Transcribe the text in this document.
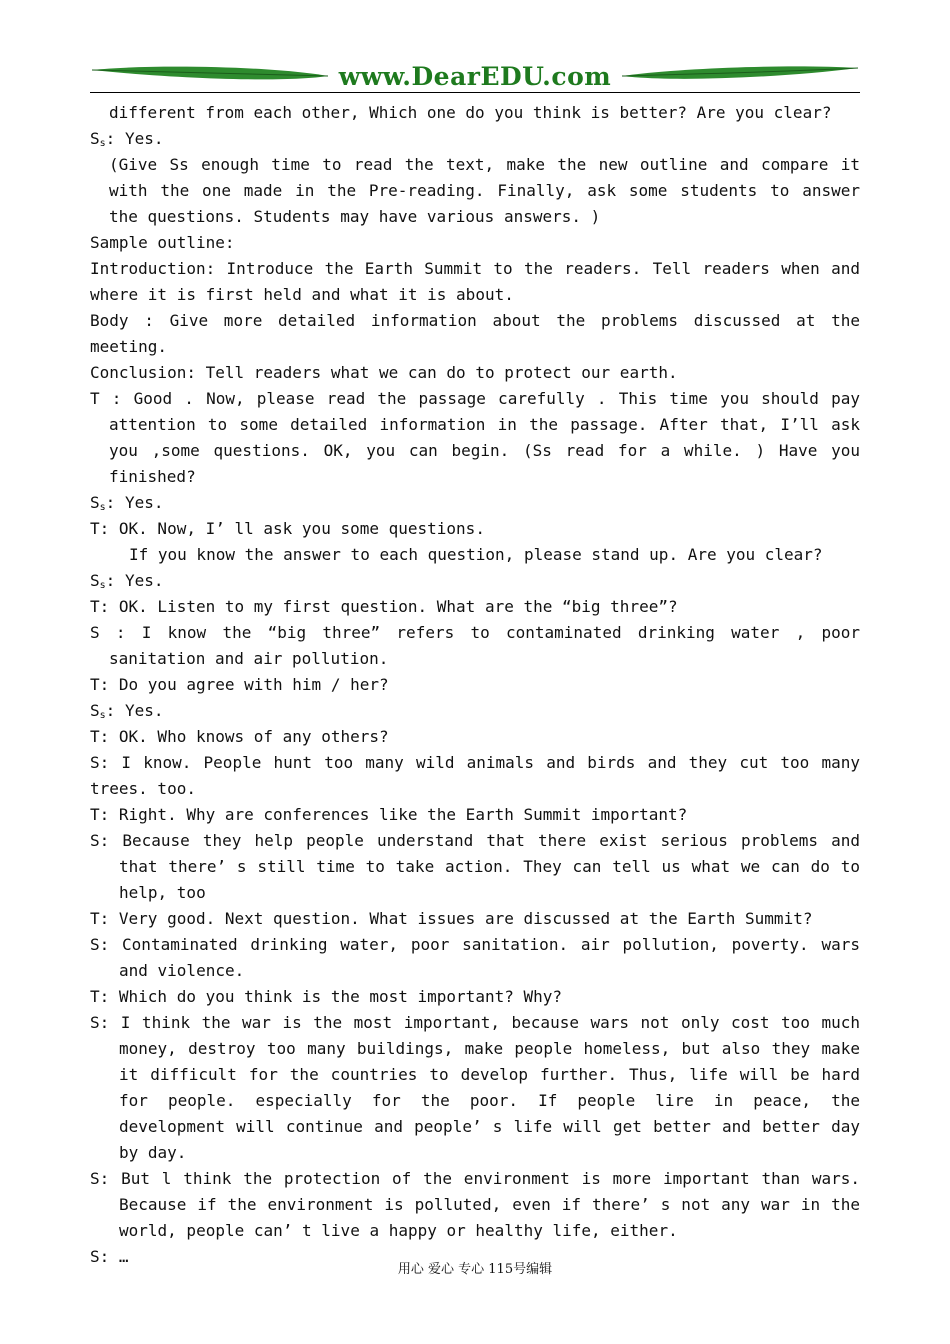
www.DearEDU.com

different from each other, Which one do you think is better? Are you clear?

$S_s$: Yes.

(Give Ss enough time to read the text, make the new outline and compare it with the one made in the Pre-reading. Finally, ask some students to answer the questions. Students may have various answers. )

Sample outline:

Introduction: Introduce the Earth Summit to the readers. Tell readers when and where it is first held and what it is about.

Body : Give more detailed information about the problems discussed at the meeting.

Conclusion: Tell readers what we can do to protect our earth.

T : Good . Now, please read the passage carefully . This time you should pay attention to some detailed information in the passage. After that, I’ll ask you ,some questions. OK, you can begin. (Ss read for a while. ) Have you finished?

$S_s$: Yes.

T: OK. Now, I’ ll ask you some questions.

If you know the answer to each question, please stand up. Are you clear?

$S_s$: Yes.

T: OK. Listen to my first question. What are the “big three”?

S : I know the “big three” refers to contaminated drinking water , poor sanitation and air pollution.

T: Do you agree with him / her?

$S_s$: Yes.

T: OK. Who knows of any others?

S: I know. People hunt too many wild animals and birds and they cut too many trees. too.

T: Right. Why are conferences like the Earth Summit important?

S: Because they help people understand that there exist serious problems and that there’ s still time to take action. They can tell us what we can do to help, too

T: Very good. Next question. What issues are discussed at the Earth Summit?

S: Contaminated drinking water, poor sanitation. air pollution, poverty. wars and violence.

T: Which do you think is the most important? Why?

S: I think the war is the most important, because wars not only cost too much money, destroy too many buildings, make people homeless, but also they make it difficult for the countries to develop further. Thus, life will be hard for people. especially for the poor. If people lire in peace, the development will continue and people’ s life will get better and better day by day.

S: But l think the protection of the environment is more important than wars. Because if the environment is polluted, even if there’ s not any war in the world, people can’ t live a happy or healthy life, either.

S: …

用心 爱心 专心 115号编辑
